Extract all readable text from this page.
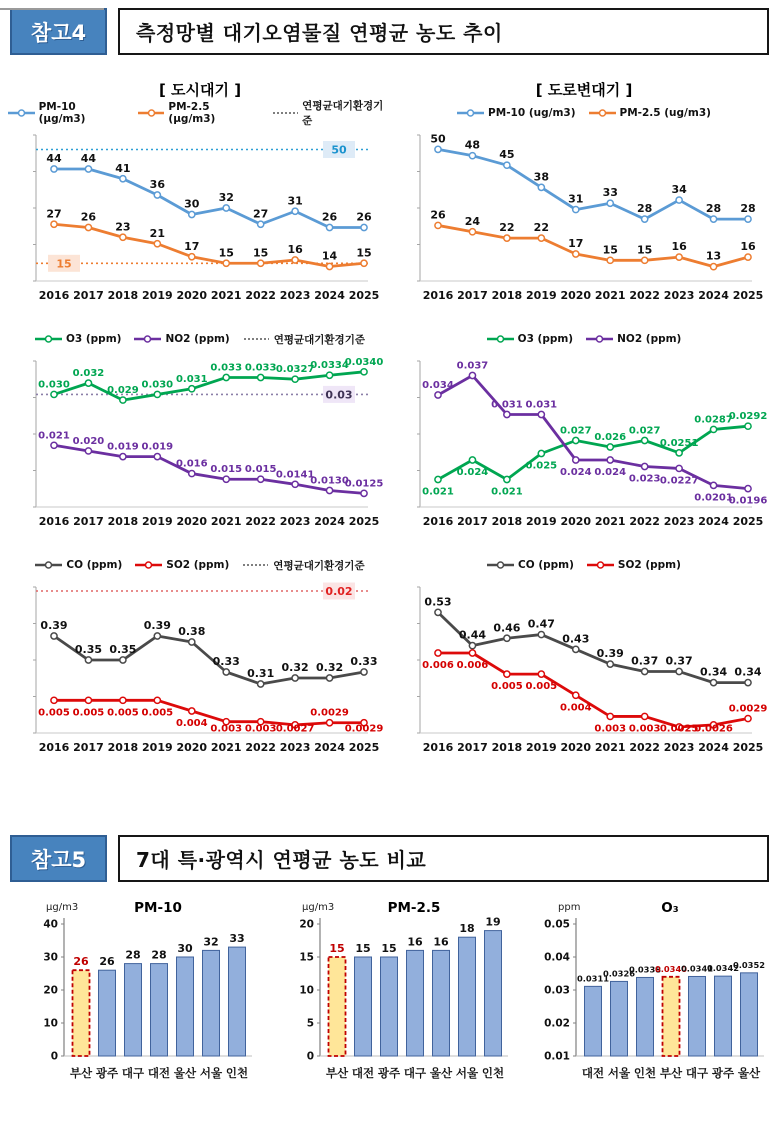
참고4	측정망별 대기오염물질 연평균 농도 추이
[ 도시대기 ]
PM-10 (μg/m3)
PM-2.5 (μg/m3)
연평균대기환경기준
50
15
44 44
41
36
30 32
27
31
26 26
27 26
23 21
17 15 15 16 14 15
2016 2017 2018 2019 2020 2021 2022 2023 2024 2025
[ 도로변대기 ]
PM-10 (ug/m3)	PM-2.5 (ug/m3)
50 48
45
38
31 33
28
34
28 28
26 24 22 22
17 15 15 16
13
16
2016 2017 2018 2019 2020 2021 2022 2023 2024 2025
O3 (ppm)	NO2 (ppm)	연평균대기환경기준
0.03
0.030
0.032
0.029
0.030
0.031
0.033 0.033 0.0327
0.0334
0.0340
0.021
0.020
0.019 0.019
0.016
0.015 0.015 0.0141
0.0130
0.0125
2016 2017 2018 2019 2020 2021 2022 2023 2024 2025
O3 (ppm)	NO2 (ppm)
0.021
0.024
0.021
0.025
0.027
0.026
0.027
0.0251
0.0287
0.0292
0.034
0.037
0.031 0.031
0.024 0.024
0.023 0.0227
0.0201
0.0196
2016 2017 2018 2019 2020 2021 2022 2023 2024 2025
CO (ppm)	SO2 (ppm)	연평균대기환경기준
0.02
0.39
0.35 0.35
0.39 0.38
0.33
0.31 0.32 0.32 0.33
0.005 0.005 0.005 0.005
0.004 0.003 0.003 0.0027
0.0029
0.0029
2016 2017 2018 2019 2020 2021 2022 2023 2024 2025
CO (ppm)	SO2 (ppm)
0.53
0.44
0.46 0.47
0.43
0.39
0.37 0.37
0.34 0.34
0.006 0.006
0.005 0.005
0.004
0.003 0.003 0.0025
0.0026
0.0029
2016 2017 2018 2019 2020 2021 2022 2023 2024 2025
참고5	7대 특·광역시 연평균 농도 비교
μg/m3	PM-10
0
10
20
30
40
26
부산
26
광주
28
대구
28
대전
30
울산
32
서울
33
인천
μg/m3	PM-2.5
0
5
10
15
20
15
부산
15
대전
15
광주
16
대구
16
울산
18
서울
19
인천
ppm	O₃
0.01
0.02
0.03
0.04
0.05
0.0311
대전
0.0326
서울
0.0338
인천
0.0340
부산
0.0341
대구
0.0342
광주
0.0352
울산
